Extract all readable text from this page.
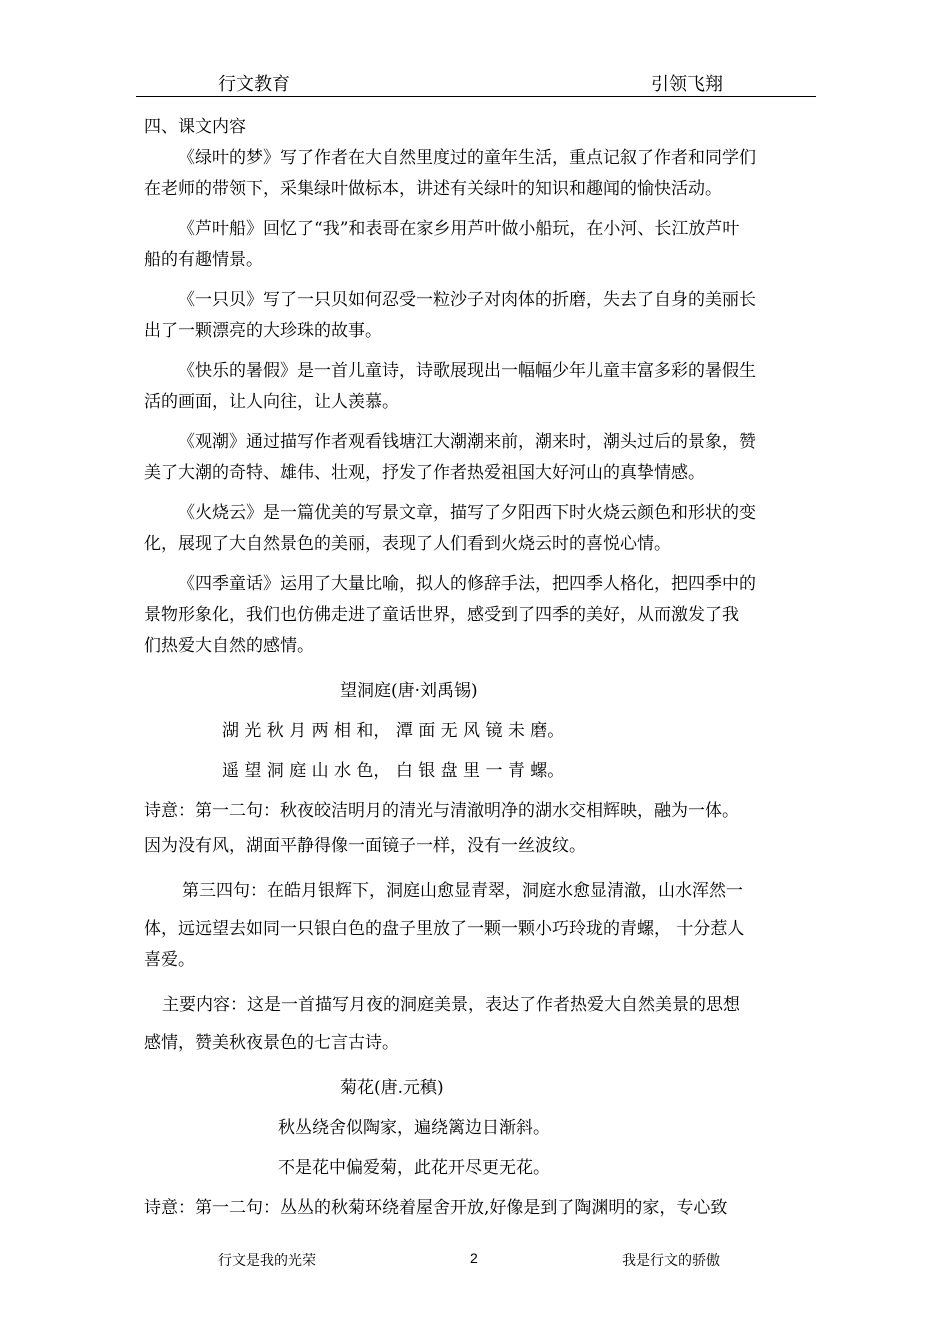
行文教育	引领飞翔
四、课文内容
《绿叶的梦》写了作者在大自然里度过的童年生活，重点记叙了作者和同学们
在老师的带领下，采集绿叶做标本，讲述有关绿叶的知识和趣闻的愉快活动。
《芦叶船》回忆了“我”和表哥在家乡用芦叶做小船玩，在小河、长江放芦叶
船的有趣情景。
《一只贝》写了一只贝如何忍受一粒沙子对肉体的折磨，失去了自身的美丽长
出了一颗漂亮的大珍珠的故事。
《快乐的暑假》是一首儿童诗，诗歌展现出一幅幅少年儿童丰富多彩的暑假生
活的画面，让人向往，让人羡慕。
《观潮》通过描写作者观看钱塘江大潮潮来前，潮来时，潮头过后的景象，赞
美了大潮的奇特、雄伟、壮观，抒发了作者热爱祖国大好河山的真挚情感。
《火烧云》是一篇优美的写景文章，描写了夕阳西下时火烧云颜色和形状的变
化，展现了大自然景色的美丽，表现了人们看到火烧云时的喜悦心情。
《四季童话》运用了大量比喻，拟人的修辞手法，把四季人格化，把四季中的
景物形象化，我们也仿佛走进了童话世界，感受到了四季的美好，从而激发了我
们热爱大自然的感情。
望洞庭(唐·刘禹锡)
湖 光 秋 月 两 相 和， 潭 面 无 风 镜 未 磨。
遥 望 洞 庭 山 水 色， 白 银 盘 里 一 青 螺。
诗意：第一二句：秋夜皎洁明月的清光与清澈明净的湖水交相辉映，融为一体。
因为没有风，湖面平静得像一面镜子一样，没有一丝波纹。
第三四句：在皓月银辉下，洞庭山愈显青翠，洞庭水愈显清澈，山水浑然一
体，远远望去如同一只银白色的盘子里放了一颗一颗小巧玲珑的青螺， 十分惹人
喜爱。
主要内容：这是一首描写月夜的洞庭美景，表达了作者热爱大自然美景的思想
感情，赞美秋夜景色的七言古诗。
菊花(唐.元稹)
秋丛绕舍似陶家，遍绕篱边日渐斜。
不是花中偏爱菊，此花开尽更无花。
诗意：第一二句：丛丛的秋菊环绕着屋舍开放,好像是到了陶渊明的家，专心致
行文是我的光荣	2	我是行文的骄傲
